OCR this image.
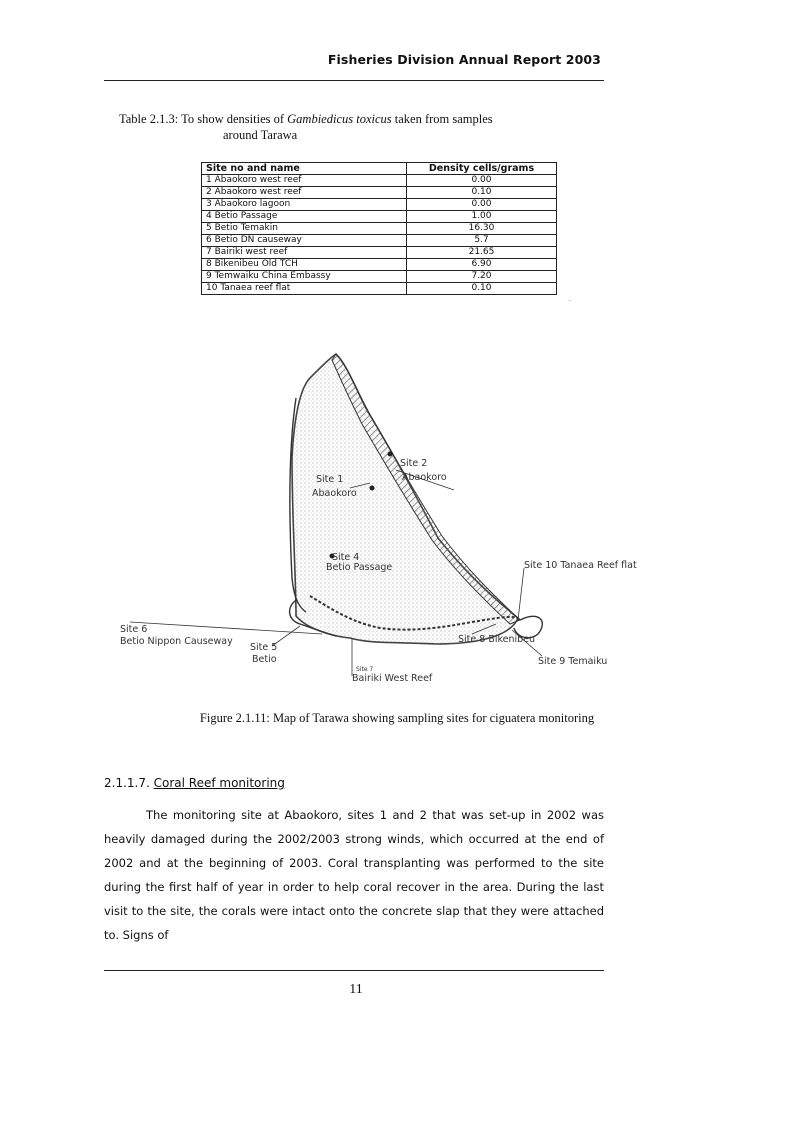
Fisheries Division Annual Report 2003
Table 2.1.3: To show densities of Gambiedicus toxicus taken from samples
around Tarawa
Site no and name	Density cells/grams
1 Abaokoro west reef	0.00
2 Abaokoro west reef	0.10
3 Abaokoro lagoon	0.00
4 Betio Passage	1.00
5 Betio Temakin	16.30
6 Betio DN causeway	5.7
7 Bairiki west reef	21.65
8 Bikenibeu Old TCH	6.90
9 Temwaiku China Embassy	7.20
10 Tanaea reef flat	0.10
·
Site 2
Abaokoro
Site 1
Abaokoro
Site 4
Betio Passage	Site 10 Tanaea Reef flat
Site 6
Betio Nippon Causeway
Site 5
Betio
Site 8 Bikenibeu
Site 9 Temaiku
Site 7
Bairiki West Reef
Figure 2.1.11: Map of Tarawa showing sampling sites for ciguatera monitoring
2.1.1.7. Coral Reef monitoring

The monitoring site at Abaokoro, sites 1 and 2 that was set-up in 2002 was heavily damaged during the 2002/2003 strong winds, which occurred at the end of 2002 and at the beginning of 2003. Coral transplanting was performed to the site during the first half of year in order to help coral recover in the area. During the last visit to the site, the corals were intact onto the concrete slap that they were attached to. Signs of

11
